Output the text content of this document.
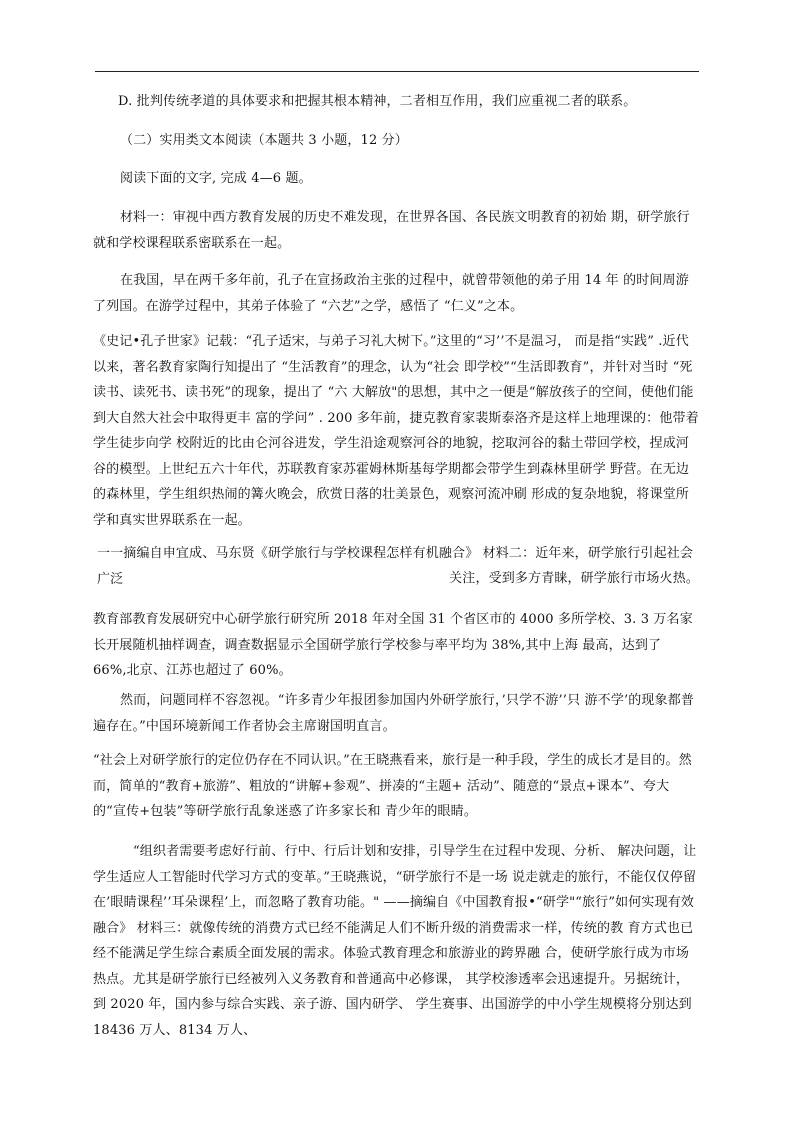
D. 批判传统孝道的具体要求和把握其根本精神，二者相互作用，我们应重视二者的联系。
（二）实用类文本阅读（本题共 3 小题，12 分）
阅读下面的文字, 完成 4—6 题。
材料一：审视中西方教育发展的历史不难发现，在世界各国、各民族文明教育的初始 期，研学旅行就和学校课程联系密联系在一起。
在我国，早在两千多年前，孔子在宣扬政治主张的过程中，就曾带领他的弟子用 14 年 的时间周游了列国。在游学过程中，其弟子体验了 “六艺”之学，感悟了 “仁义”之本。
《史记•孔子世家》记载：“孔子适宋，与弟子习礼大树下。”这里的“习’’不是温习， 而是指“实践” .近代以来，著名教育家陶行知提出了 “生活教育”的理念，认为“社会 即学校”“生活即教育”，并针对当时 “死读书、读死书、读书死”的现象，提出了 “六 大解放"的思想，其中之一便是“解放孩子的空间，使他们能到大自然大社会中取得更丰 富的学问” . 200 多年前，捷克教育家裴斯泰洛齐是这样上地理课的：他带着学生徒步向学 校附近的比由仑河谷进发，学生沿途观察河谷的地貌，挖取河谷的黏土带回学校，捏成河 谷的模型。上世纪五六十年代，苏联教育家苏霍姆林斯基每学期都会带学生到森林里研学 野营。在无边的森林里，学生组织热闹的篝火晚会，欣赏日落的壮美景色，观察河流冲刷 形成的复杂地貌，将课堂所学和真实世界联系在一起。
一一摘编自申宜成、马东贤《研学旅行与学校课程怎样有机融合》 材料二：近年来，研学旅行引起社会广泛	关注，受到多方青睐，研学旅行市场火热。
教育部教育发展研究中心研学旅行研究所 2018 年对全国 31 个省区市的 4000 多所学校、3. 3 万名家长开展随机抽样调查，调查数据显示全国研学旅行学校参与率平均为 38%,其中上海 最高，达到了 66%,北京、江苏也超过了 60%。
然而，问题同样不容忽视。“许多青少年报团参加国内外研学旅行，’只学不游’’只 游不学’的现象都普遍存在。”中国环境新闻工作者协会主席谢国明直言。
“社会上对研学旅行的定位仍存在不同认识。”在王晓燕看来，旅行是一种手段，学生的成长才是目的。然而，简单的“教育+旅游”、粗放的“讲解+参观”、拼凑的“主题+ 活动”、随意的“景点+课本”、夸大的“宣传+包装”等研学旅行乱象迷惑了许多家长和 青少年的眼睛。
“组织者需要考虑好行前、行中、行后计划和安排，引导学生在过程中发现、分析、 解决问题，让学生适应人工智能时代学习方式的变革。”王晓燕说，“研学旅行不是一场 说走就走的旅行，不能仅仅停留在’眼睛课程’’耳朵课程’上，而忽略了教育功能。" ——摘编自《中国教育报•“研学"“旅行”如何实现有效融合》 材料三：就像传统的消费方式已经不能满足人们不断升级的消费需求一样，传统的教 育方式也已经不能满足学生综合素质全面发展的需求。体验式教育理念和旅游业的跨界融 合，使研学旅行成为市场热点。尤其是研学旅行已经被列入义务教育和普通高中必修课， 其学校渗透率会迅速提升。另据统计，到 2020 年，国内参与综合实践、亲子游、国内研学、 学生赛事、出国游学的中小学生规模将分别达到 18436 万人、8134 万人、
